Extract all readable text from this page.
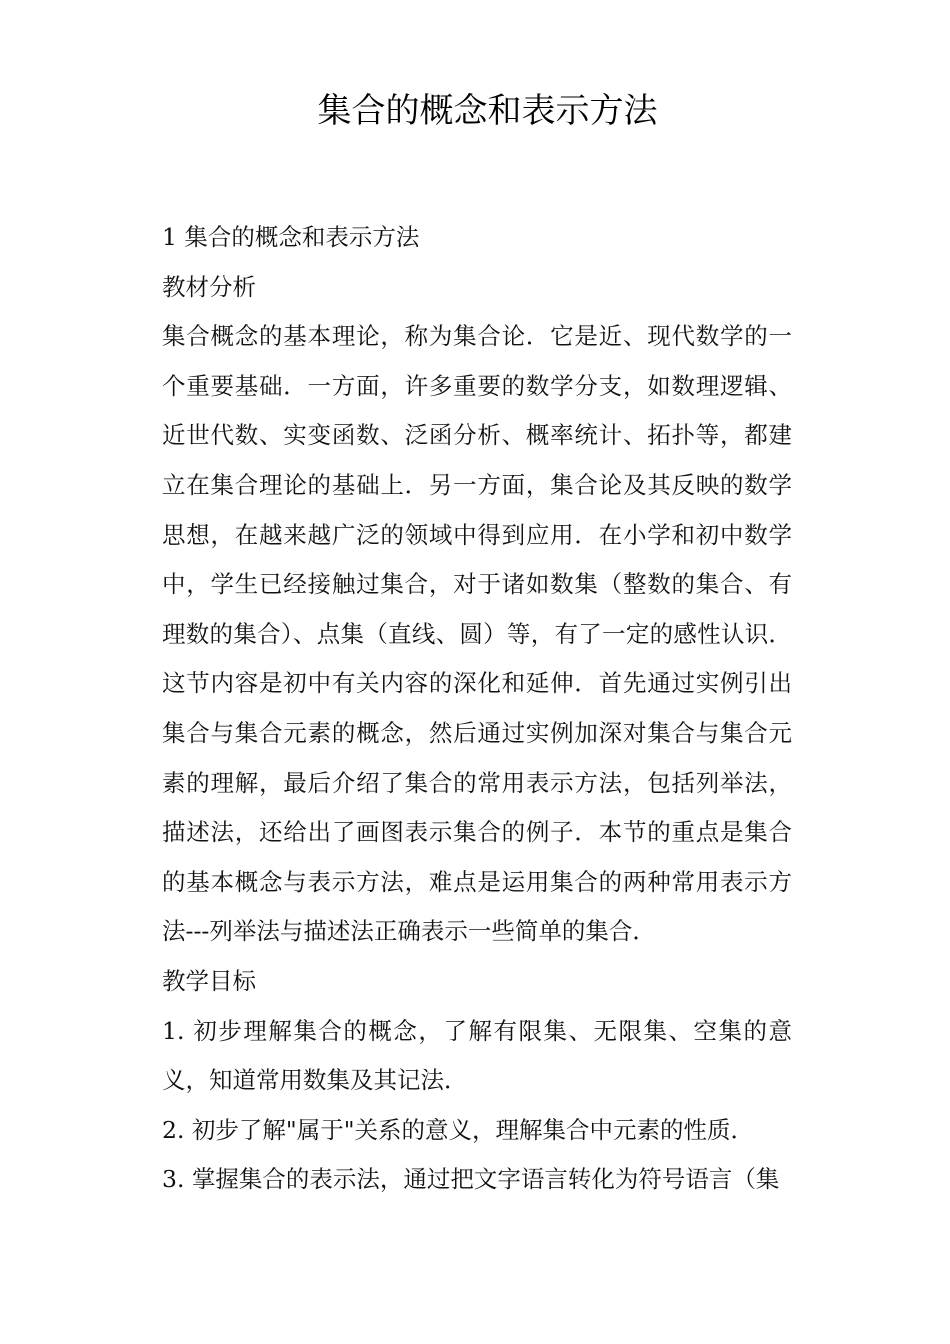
集合的概念和表示方法

1 集合的概念和表示方法

教材分析

集合概念的基本理论，称为集合论．它是近、现代数学的一个重要基础．一方面，许多重要的数学分支，如数理逻辑、近世代数、实变函数、泛函分析、概率统计、拓扑等，都建立在集合理论的基础上．另一方面，集合论及其反映的数学思想，在越来越广泛的领域中得到应用．在小学和初中数学中，学生已经接触过集合，对于诸如数集（整数的集合、有理数的集合）、点集（直线、圆）等，有了一定的感性认识．这节内容是初中有关内容的深化和延伸．首先通过实例引出集合与集合元素的概念，然后通过实例加深对集合与集合元素的理解，最后介绍了集合的常用表示方法，包括列举法，描述法，还给出了画图表示集合的例子．本节的重点是集合的基本概念与表示方法，难点是运用集合的两种常用表示方法---列举法与描述法正确表示一些简单的集合．

教学目标

1. 初步理解集合的概念，了解有限集、无限集、空集的意义，知道常用数集及其记法．

2. 初步了解"属于"关系的意义，理解集合中元素的性质．

3. 掌握集合的表示法，通过把文字语言转化为符号语言（集
